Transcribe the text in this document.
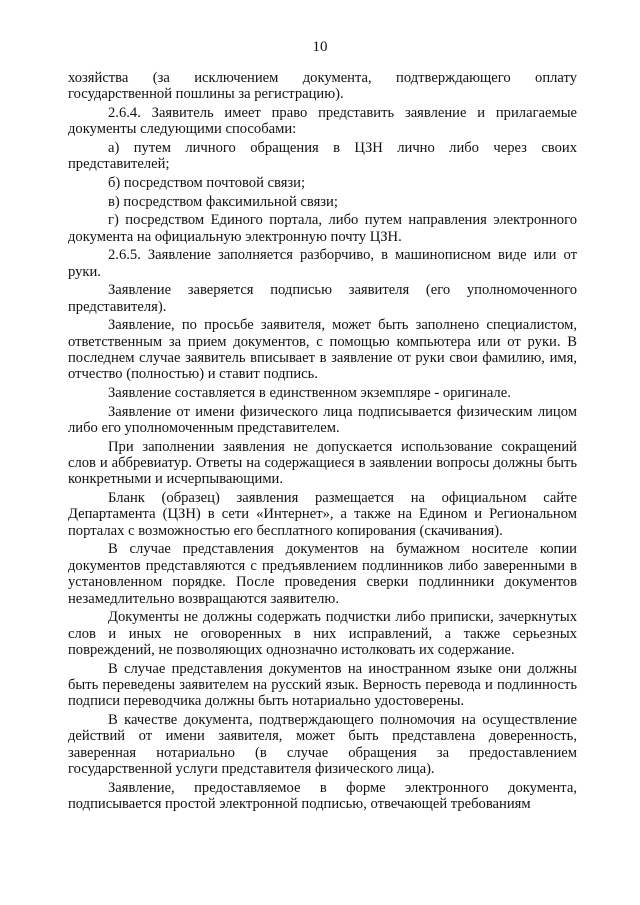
10

хозяйства (за исключением документа, подтверждающего оплату государственной пошлины за регистрацию).

2.6.4. Заявитель имеет право представить заявление и прилагаемые документы следующими способами:

а) путем личного обращения в ЦЗН лично либо через своих представителей;

б) посредством почтовой связи;

в) посредством факсимильной связи;

г) посредством Единого портала, либо путем направления электронного документа на официальную электронную почту ЦЗН.

2.6.5. Заявление заполняется разборчиво, в машинописном виде или от руки.

Заявление заверяется подписью заявителя (его уполномоченного представителя).

Заявление, по просьбе заявителя, может быть заполнено специалистом, ответственным за прием документов, с помощью компьютера или от руки. В последнем случае заявитель вписывает в заявление от руки свои фамилию, имя, отчество (полностью) и ставит подпись.

Заявление составляется в единственном экземпляре - оригинале.

Заявление от имени физического лица подписывается физическим лицом либо его уполномоченным представителем.

При заполнении заявления не допускается использование сокращений слов и аббревиатур. Ответы на содержащиеся в заявлении вопросы должны быть конкретными и исчерпывающими.

Бланк (образец) заявления размещается на официальном сайте Департамента (ЦЗН) в сети «Интернет», а также на Едином и Региональном порталах с возможностью его бесплатного копирования (скачивания).

В случае представления документов на бумажном носителе копии документов представляются с предъявлением подлинников либо заверенными в установленном порядке. После проведения сверки подлинники документов незамедлительно возвращаются заявителю.

Документы не должны содержать подчистки либо приписки, зачеркнутых слов и иных не оговоренных в них исправлений, а также серьезных повреждений, не позволяющих однозначно истолковать их содержание.

В случае представления документов на иностранном языке они должны быть переведены заявителем на русский язык. Верность перевода и подлинность подписи переводчика должны быть нотариально удостоверены.

В качестве документа, подтверждающего полномочия на осуществление действий от имени заявителя, может быть представлена доверенность, заверенная нотариально (в случае обращения за предоставлением государственной услуги представителя физического лица).

Заявление, предоставляемое в форме электронного документа, подписывается простой электронной подписью, отвечающей требованиям
